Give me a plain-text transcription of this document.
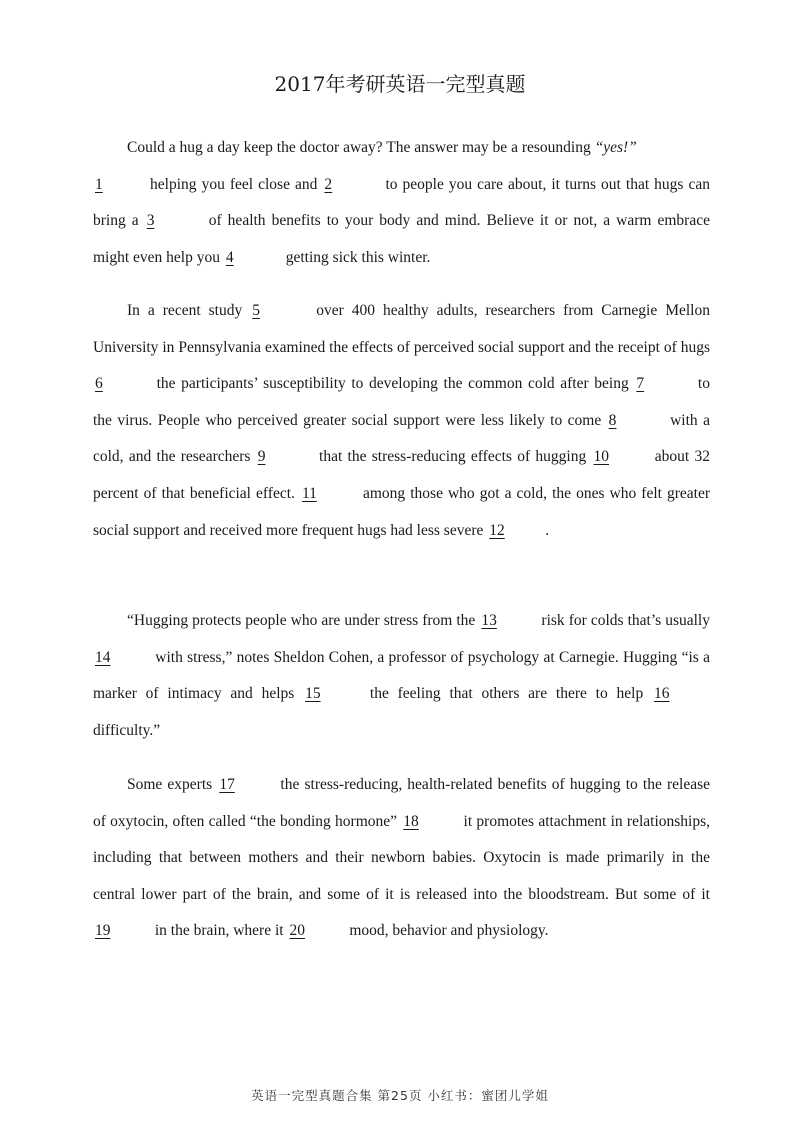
2017年考研英语一完型真题

Could a hug a day keep the doctor away? The answer may be a resounding “yes!”
1	helping you feel close and 2	to people you care about, it turns out that hugs can bring a 3	of health benefits to your body and mind. Believe it or not, a warm embrace might even help you 4	getting sick this winter.

In a recent study 5	over 400 healthy adults, researchers from Carnegie Mellon University in Pennsylvania examined the effects of perceived social support and the receipt of hugs 6	the participants’ susceptibility to developing the common cold after being 7	to the virus. People who perceived greater social support were less likely to come 8	with a cold, and the researchers 9	that the stress-reducing effects of hugging 10	about 32 percent of that beneficial effect. 11	among those who got a cold, the ones who felt greater social support and received more frequent hugs had less severe 12	.

“Hugging protects people who are under stress from the 13	risk for colds that’s usually 14	with stress,” notes Sheldon Cohen, a professor of psychology at Carnegie. Hugging “is a marker of intimacy and helps 15	the feeling that others are there to help 16 difficulty.”

Some experts 17	the stress-reducing, health-related benefits of hugging to the release of oxytocin, often called “the bonding hormone” 18	it promotes attachment in relationships, including that between mothers and their newborn babies. Oxytocin is made primarily in the central lower part of the brain, and some of it is released into the bloodstream. But some of it 19	in the brain, where it 20	mood, behavior and physiology.

英语一完型真题合集 第25页 小红书：蜜团儿学姐
